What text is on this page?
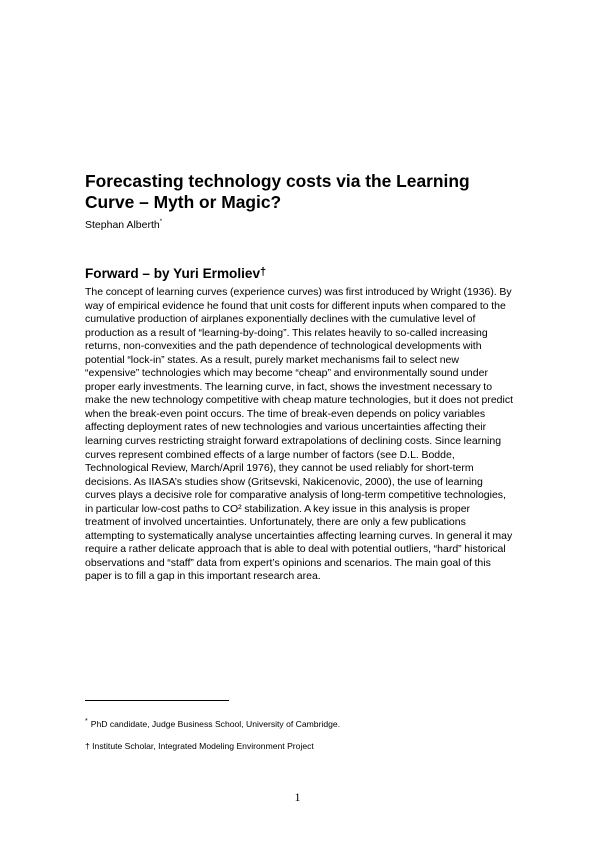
Forecasting technology costs via the Learning Curve – Myth or Magic?

Stephan Alberth*

Forward – by Yuri Ermoliev†

The concept of learning curves (experience curves) was first introduced by Wright (1936). By way of empirical evidence he found that unit costs for different inputs when compared to the cumulative production of airplanes exponentially declines with the cumulative level of production as a result of “learning-by-doing”. This relates heavily to so-called increasing returns, non-convexities and the path dependence of technological developments with potential “lock-in” states. As a result, purely market mechanisms fail to select new “expensive” technologies which may become “cheap” and environmentally sound under proper early investments. The learning curve, in fact, shows the investment necessary to make the new technology competitive with cheap mature technologies, but it does not predict when the break-even point occurs. The time of break-even depends on policy variables affecting deployment rates of new technologies and various uncertainties affecting their learning curves restricting straight forward extrapolations of declining costs. Since learning curves represent combined effects of a large number of factors (see D.L. Bodde, Technological Review, March/April 1976), they cannot be used reliably for short-term decisions. As IIASA’s studies show (Gritsevski, Nakicenovic, 2000), the use of learning curves plays a decisive role for comparative analysis of long-term competitive technologies, in particular low-cost paths to CO² stabilization. A key issue in this analysis is proper treatment of involved uncertainties. Unfortunately, there are only a few publications attempting to systematically analyse uncertainties affecting learning curves. In general it may require a rather delicate approach that is able to deal with potential outliers, “hard” historical observations and “staff” data from expert’s opinions and scenarios. The main goal of this paper is to fill a gap in this important research area.

* PhD candidate, Judge Business School, University of Cambridge.

† Institute Scholar, Integrated Modeling Environment Project

1
